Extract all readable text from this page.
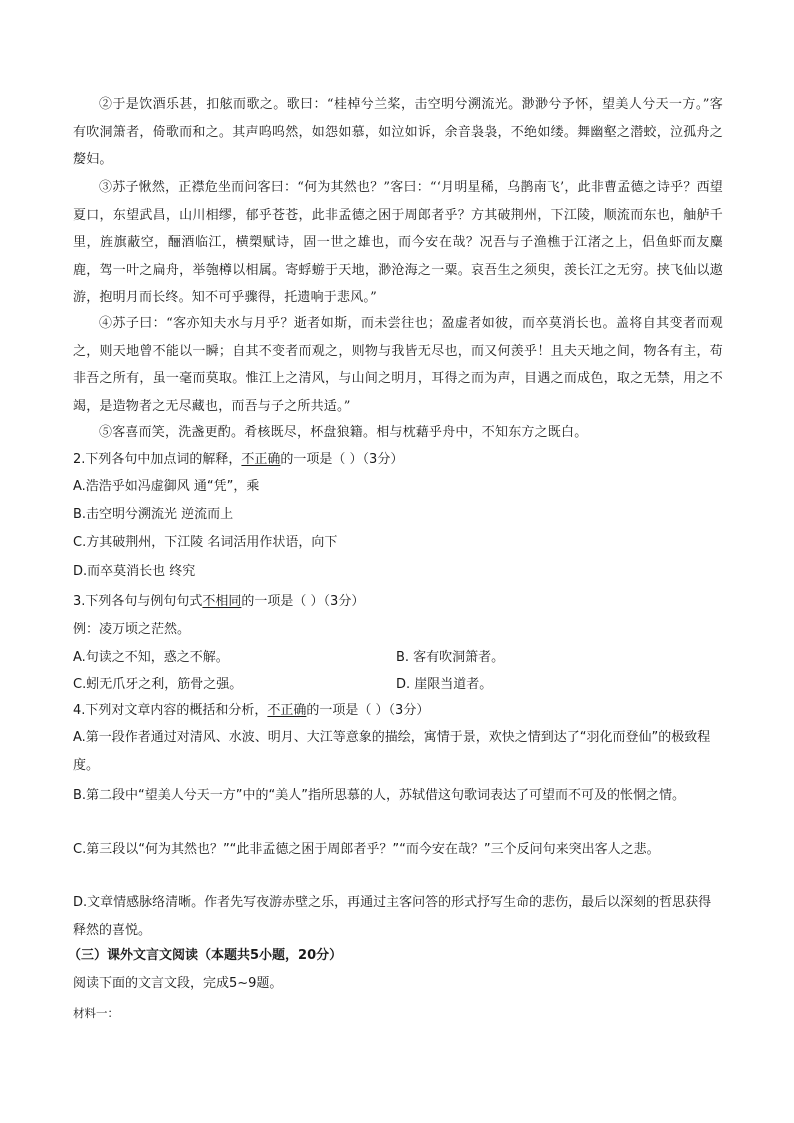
②于是饮酒乐甚，扣舷而歌之。歌曰：“桂棹兮兰桨，击空明兮溯流光。渺渺兮予怀，望美人兮天一方。”客有吹洞箫者，倚歌而和之。其声呜呜然，如怨如慕，如泣如诉，余音袅袅，不绝如缕。舞幽壑之潜蛟，泣孤舟之嫠妇。

③苏子愀然，正襟危坐而问客曰：“何为其然也？”客曰：“‘月明星稀，乌鹊南飞’，此非曹孟德之诗乎？西望夏口，东望武昌，山川相缪，郁乎苍苍，此非孟德之困于周郎者乎？方其破荆州，下江陵，顺流而东也，舳舻千里，旌旗蔽空，酾酒临江，横槊赋诗，固一世之雄也，而今安在哉？况吾与子渔樵于江渚之上，侣鱼虾而友麋鹿，驾一叶之扁舟，举匏樽以相属。寄蜉蝣于天地，渺沧海之一粟。哀吾生之须臾，羡长江之无穷。挟飞仙以遨游，抱明月而长终。知不可乎骤得，托遗响于悲风。”

④苏子曰：“客亦知夫水与月乎？逝者如斯，而未尝往也；盈虚者如彼，而卒莫消长也。盖将自其变者而观之，则天地曾不能以一瞬；自其不变者而观之，则物与我皆无尽也，而又何羡乎！且夫天地之间，物各有主，苟非吾之所有，虽一毫而莫取。惟江上之清风，与山间之明月，耳得之而为声，目遇之而成色，取之无禁，用之不竭，是造物者之无尽藏也，而吾与子之所共适。”

⑤客喜而笑，洗盏更酌。肴核既尽，杯盘狼籍。相与枕藉乎舟中，不知东方之既白。

2.下列各句中加点词的解释，不正确的一项是（ ）（3分）

A.浩浩乎如冯虚御风 通“凭”，乘

B.击空明兮溯流光 逆流而上

C.方其破荆州，下江陵 名词活用作状语，向下

D.而卒莫消长也 终究

3.下列各句与例句句式不相同的一项是（ ）（3分）

例：凌万顷之茫然。

A.句读之不知，惑之不解。	B. 客有吹洞箫者。

C.蚓无爪牙之利，筋骨之强。	D. 崖限当道者。

4.下列对文章内容的概括和分析，不正确的一项是（ ）（3分）

A.第一段作者通过对清风、水波、明月、大江等意象的描绘，寓情于景，欢快之情到达了“羽化而登仙”的极致程度。

B.第二段中“望美人兮天一方”中的“美人”指所思慕的人，苏轼借这句歌词表达了可望而不可及的怅惘之情。

C.第三段以“何为其然也？”“此非孟德之困于周郎者乎？”“而今安在哉？”三个反问句来突出客人之悲。

D.文章情感脉络清晰。作者先写夜游赤壁之乐，再通过主客问答的形式抒写生命的悲伤，最后以深刻的哲思获得释然的喜悦。

（三）课外文言文阅读（本题共5小题，20分）

阅读下面的文言文段，完成5~9题。

材料一：
